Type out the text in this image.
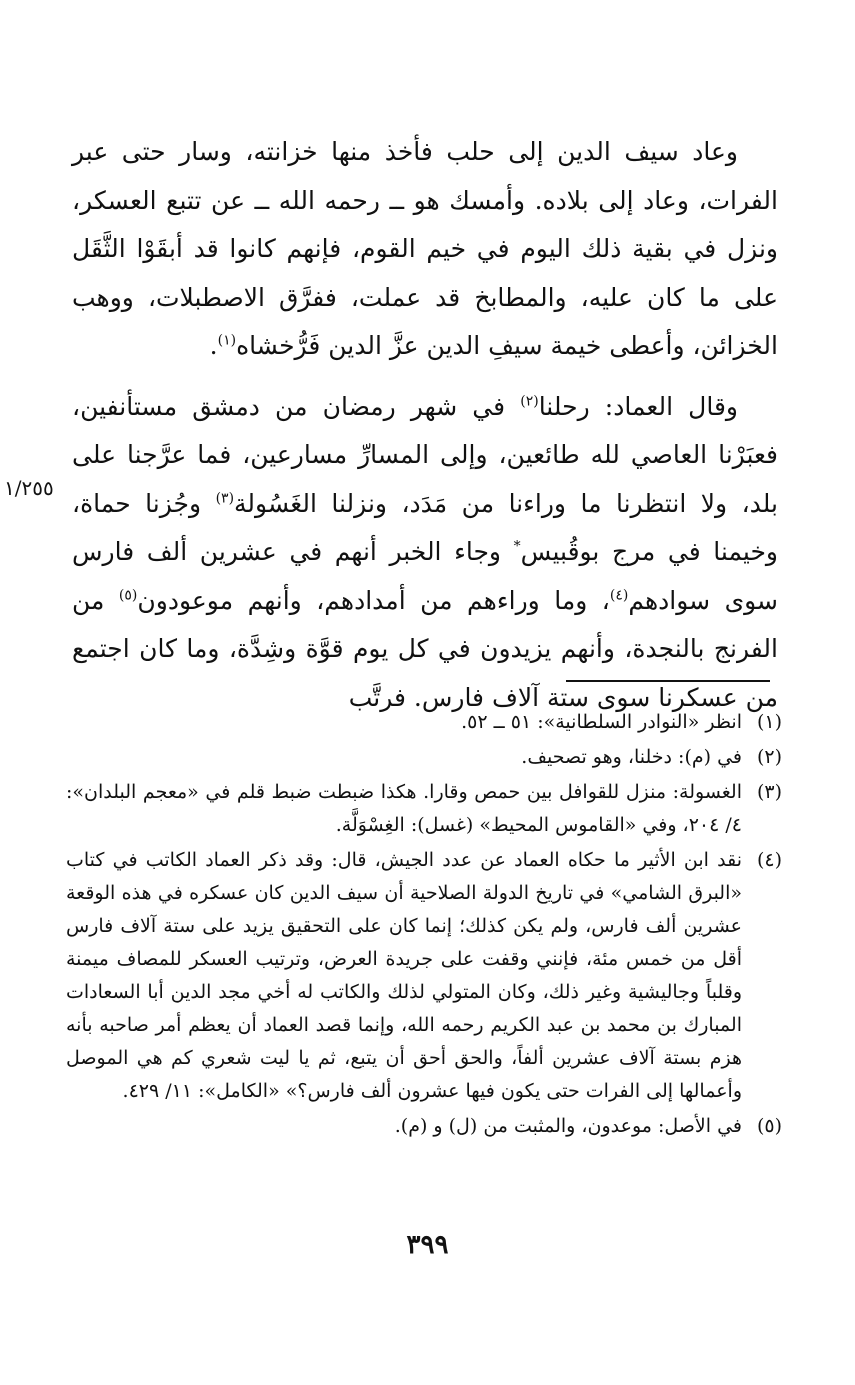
وعاد سيف الدين إلى حلب فأخذ منها خزانته، وسار حتى عبر الفرات، وعاد إلى بلاده. وأمسك هو ــ رحمه الله ــ عن تتبع العسكر، ونزل في بقية ذلك اليوم في خيم القوم، فإنهم كانوا قد أبقَوْا الثَّقَل على ما كان عليه، والمطابخ قد عملت، ففرَّق الاصطبلات، ووهب الخزائن، وأعطى خيمة سيفِ الدين عزَّ الدين فَرُّخشاه$^{(١)}$.

وقال العماد: رحلنا$^{(٢)}$ في شهر رمضان من دمشق مستأنفين، فعبَرْنا العاصي لله طائعين، وإلى المسارِّ مسارعين، فما عرَّجنا على بلد، ولا انتظرنا ما وراءنا من مَدَد، ونزلنا الغَسُولة$^{(٣)}$ وجُزنا حماة، وخيمنا في مرج بوقُبيس* وجاء الخبر أنهم في عشرين ألف فارس سوى سوادهم$^{(٤)}$، وما وراءهم من أمدادهم، وأنهم موعودون$^{(٥)}$ من الفرنج بالنجدة، وأنهم يزيدون في كل يوم قوَّة وشِدَّة، وما كان اجتمع من عسكرنا سوى ستة آلاف فارس. فرتَّب

١/٢٥٥

(١)
انظر «النوادر السلطانية»: ٥١ ــ ٥٢.

(٢)
في (م): دخلنا، وهو تصحيف.

(٣)
الغسولة: منزل للقوافل بين حمص وقارا. هكذا ضبطت ضبط قلم في «معجم البلدان»: ٤/ ٢٠٤، وفي «القاموس المحيط» (غسل): الغِسْوَلَّة.

(٤)
نقد ابن الأثير ما حكاه العماد عن عدد الجيش، قال: وقد ذكر العماد الكاتب في كتاب «البرق الشامي» في تاريخ الدولة الصلاحية أن سيف الدين كان عسكره في هذه الوقعة عشرين ألف فارس، ولم يكن كذلك؛ إنما كان على التحقيق يزيد على ستة آلاف فارس أقل من خمس مئة، فإنني وقفت على جريدة العرض، وترتيب العسكر للمصاف ميمنة وقلباً وجاليشية وغير ذلك، وكان المتولي لذلك والكاتب له أخي مجد الدين أبا السعادات المبارك بن محمد بن عبد الكريم رحمه الله، وإنما قصد العماد أن يعظم أمر صاحبه بأنه هزم بستة آلاف عشرين ألفاً، والحق أحق أن يتبع، ثم يا ليت شعري كم هي الموصل وأعمالها إلى الفرات حتى يكون فيها عشرون ألف فارس؟» «الكامل»: ١١/ ٤٢٩.

(٥)
في الأصل: موعدون، والمثبت من (ل) و (م).

٣٩٩
